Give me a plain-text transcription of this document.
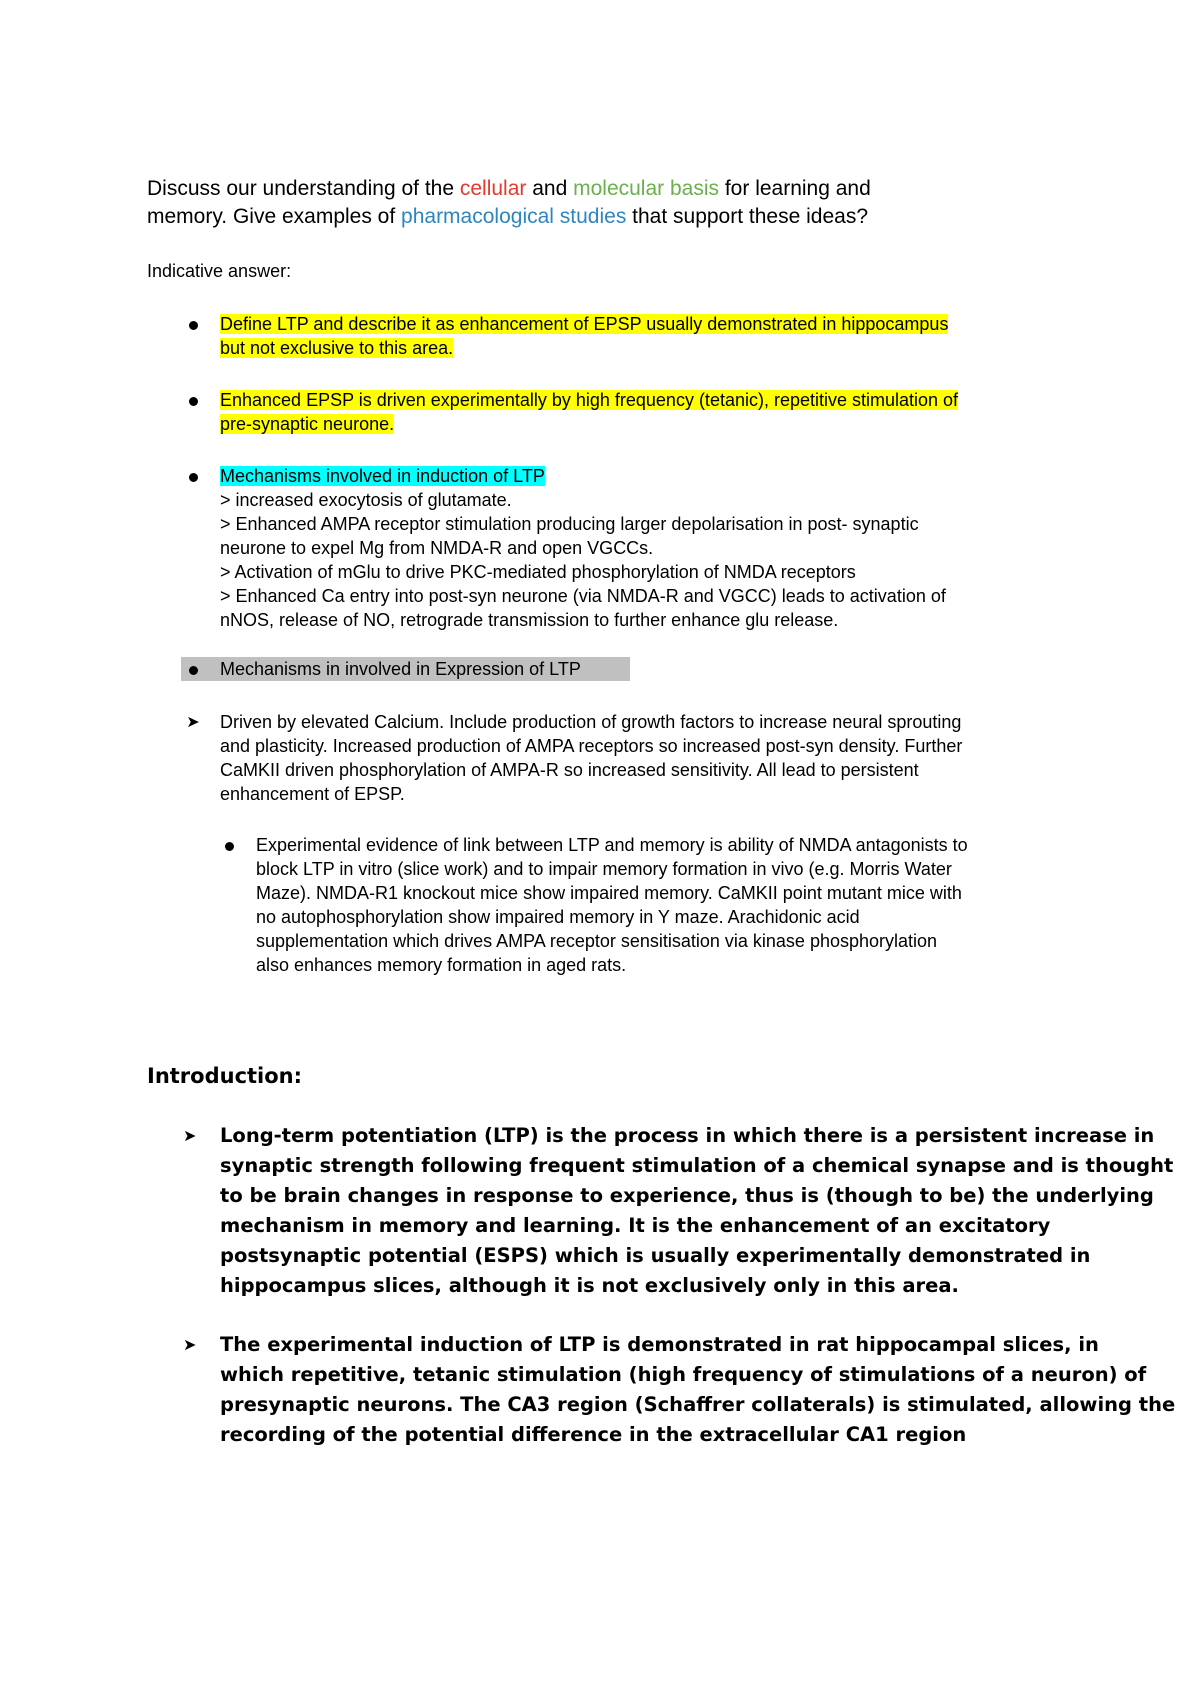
Discuss our understanding of the cellular and molecular basis for learning and
memory. Give examples of pharmacological studies that support these ideas?
Indicative answer:
Define LTP and describe it as enhancement of EPSP usually demonstrated in hippocampus
but not exclusive to this area.
Enhanced EPSP is driven experimentally by high frequency (tetanic), repetitive stimulation of
pre-synaptic neurone.
Mechanisms involved in induction of LTP
> increased exocytosis of glutamate.
> Enhanced AMPA receptor stimulation producing larger depolarisation in post- synaptic
neurone to expel Mg from NMDA-R and open VGCCs.
> Activation of mGlu to drive PKC-mediated phosphorylation of NMDA receptors
> Enhanced Ca entry into post-syn neurone (via NMDA-R and VGCC) leads to activation of
nNOS, release of NO, retrograde transmission to further enhance glu release.
Mechanisms in involved in Expression of LTP
➤ Driven by elevated Calcium. Include production of growth factors to increase neural sprouting
and plasticity. Increased production of AMPA receptors so increased post-syn density. Further
CaMKII driven phosphorylation of AMPA-R so increased sensitivity. All lead to persistent
enhancement of EPSP.
Experimental evidence of link between LTP and memory is ability of NMDA antagonists to
block LTP in vitro (slice work) and to impair memory formation in vivo (e.g. Morris Water
Maze). NMDA-R1 knockout mice show impaired memory. CaMKII point mutant mice with
no autophosphorylation show impaired memory in Y maze. Arachidonic acid
supplementation which drives AMPA receptor sensitisation via kinase phosphorylation
also enhances memory formation in aged rats.
Introduction:
➤ Long-term potentiation (LTP) is the process in which there is a persistent increase in
synaptic strength following frequent stimulation of a chemical synapse and is thought
to be brain changes in response to experience, thus is (though to be) the underlying
mechanism in memory and learning. It is the enhancement of an excitatory
postsynaptic potential (ESPS) which is usually experimentally demonstrated in
hippocampus slices, although it is not exclusively only in this area.
➤ The experimental induction of LTP is demonstrated in rat hippocampal slices, in
which repetitive, tetanic stimulation (high frequency of stimulations of a neuron) of
presynaptic neurons. The CA3 region (Schaffrer collaterals) is stimulated, allowing the
recording of the potential difference in the extracellular CA1 region
